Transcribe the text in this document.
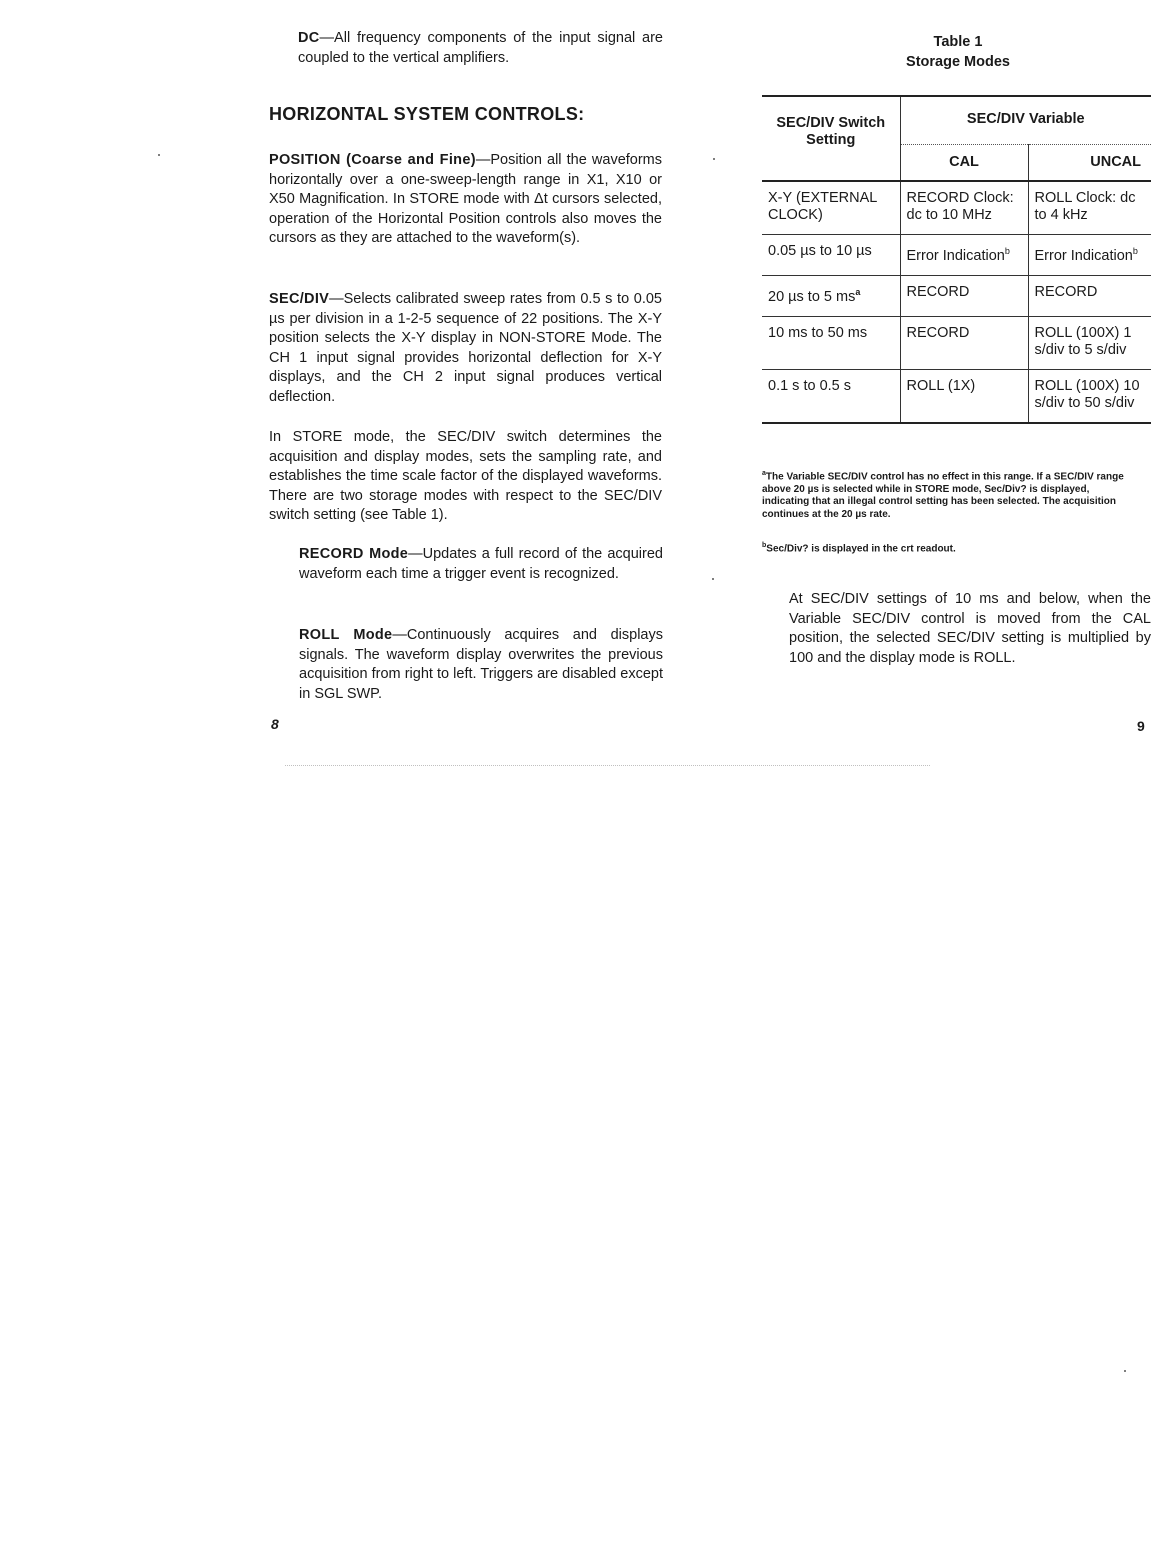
DC—All frequency components of the input signal are coupled to the vertical amplifiers.

HORIZONTAL SYSTEM CONTROLS:

POSITION (Coarse and Fine)—Position all the waveforms horizontally over a one-sweep-length range in X1, X10 or X50 Magnification. In STORE mode with Δt cursors selected, operation of the Horizontal Position controls also moves the cursors as they are attached to the waveform(s).

SEC/DIV—Selects calibrated sweep rates from 0.5 s to 0.05 µs per division in a 1-2-5 sequence of 22 positions. The X-Y position selects the X-Y display in NON-STORE Mode. The CH 1 input signal provides horizontal deflection for X-Y displays, and the CH 2 input signal produces vertical deflection.

In STORE mode, the SEC/DIV switch determines the acquisition and display modes, sets the sampling rate, and establishes the time scale factor of the displayed waveforms. There are two storage modes with respect to the SEC/DIV switch setting (see Table 1).

RECORD Mode—Updates a full record of the acquired waveform each time a trigger event is recognized.

ROLL Mode—Continuously acquires and displays signals. The waveform display overwrites the previous acquisition from right to left. Triggers are disabled except in SGL SWP.

8
Table 1
Storage Modes
SEC/DIV Switch Setting	SEC/DIV Variable	
	CAL	UNCAL
X-Y (EXTERNAL CLOCK)	RECORD Clock: dc to 10 MHz	ROLL Clock: dc to 4 kHz
0.05 µs to 10 µs	Error Indication$^b$	Error Indication$^b$
20 µs to 5 $ms^a$	RECORD	RECORD
10 ms to 50 ms	RECORD	ROLL (100X) 1 s/div to 5 s/div
0.1 s to 0.5 s	ROLL (1X)	ROLL (100X) 10 s/div to 50 s/div
$^a$The Variable SEC/DIV control has no effect in this range. If a SEC/DIV range above 20 µs is selected while in STORE mode, Sec/Div? is displayed, indicating that an illegal control setting has been selected. The acquisition continues at the 20 µs rate.
$^b$Sec/Div? is displayed in the crt readout.

At SEC/DIV settings of 10 ms and below, when the Variable SEC/DIV control is moved from the CAL position, the selected SEC/DIV setting is multiplied by 100 and the display mode is ROLL.

9
